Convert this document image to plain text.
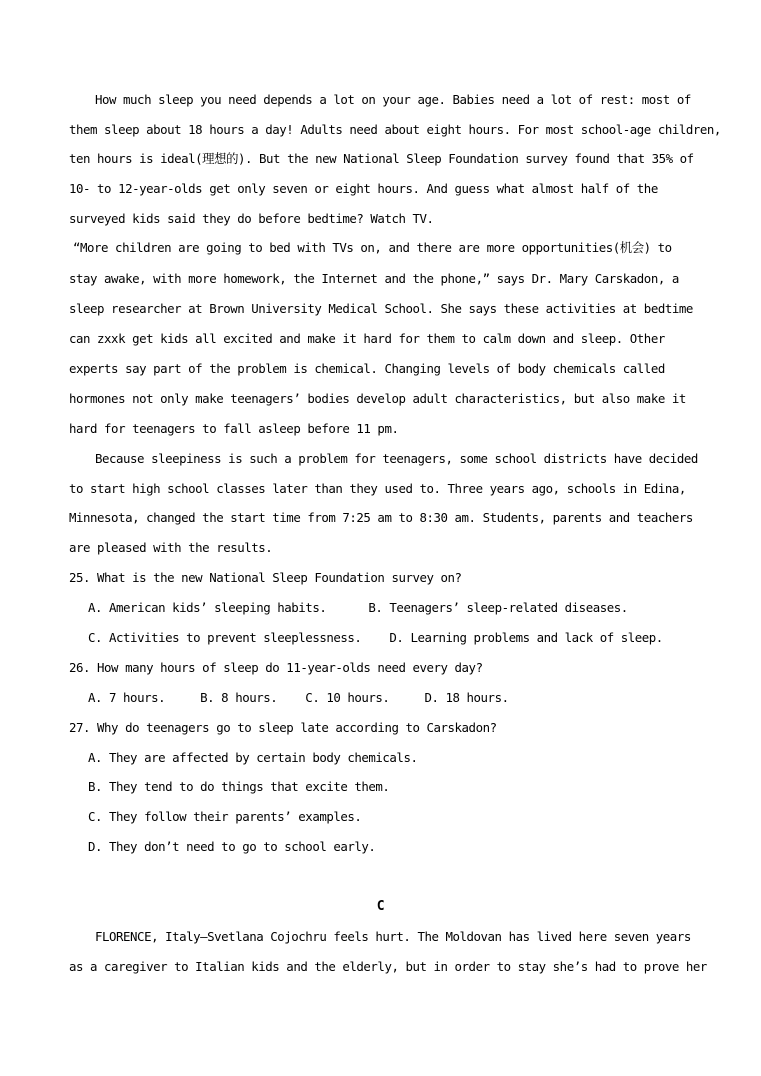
How much sleep you need depends a lot on your age. Babies need a lot of rest: most of
them sleep about 18 hours a day! Adults need about eight hours. For most school-age children,
ten hours is ideal(理想的). But the new National Sleep Foundation survey found that 35% of
10- to 12-year-olds get only seven or eight hours. And guess what almost half of the
surveyed kids said they do before bedtime? Watch TV.
“More children are going to bed with TVs on, and there are more opportunities(机会) to
stay awake, with more homework, the Internet and the phone,” says Dr. Mary Carskadon, a
sleep researcher at Brown University Medical School. She says these activities at bedtime
can zxxk get kids all excited and make it hard for them to calm down and sleep. Other
experts say part of the problem is chemical. Changing levels of body chemicals called
hormones not only make teenagers’ bodies develop adult characteristics, but also make it
hard for teenagers to fall asleep before 11 pm.
Because sleepiness is such a problem for teenagers, some school districts have decided
to start high school classes later than they used to. Three years ago, schools in Edina,
Minnesota, changed the start time from 7:25 am to 8:30 am. Students, parents and teachers
are pleased with the results.
25. What is the new National Sleep Foundation survey on?
A. American kids’ sleeping habits.      B. Teenagers’ sleep-related diseases.
C. Activities to prevent sleeplessness.    D. Learning problems and lack of sleep.
26. How many hours of sleep do 11-year-olds need every day?
A. 7 hours.     B. 8 hours.    C. 10 hours.     D. 18 hours.
27. Why do teenagers go to sleep late according to Carskadon?
A. They are affected by certain body chemicals.
B. They tend to do things that excite them.
C. They follow their parents’ examples.
D. They don’t need to go to school early.
C
FLORENCE, Italy—Svetlana Cojochru feels hurt. The Moldovan has lived here seven years
as a caregiver to Italian kids and the elderly, but in order to stay she’s had to prove her
